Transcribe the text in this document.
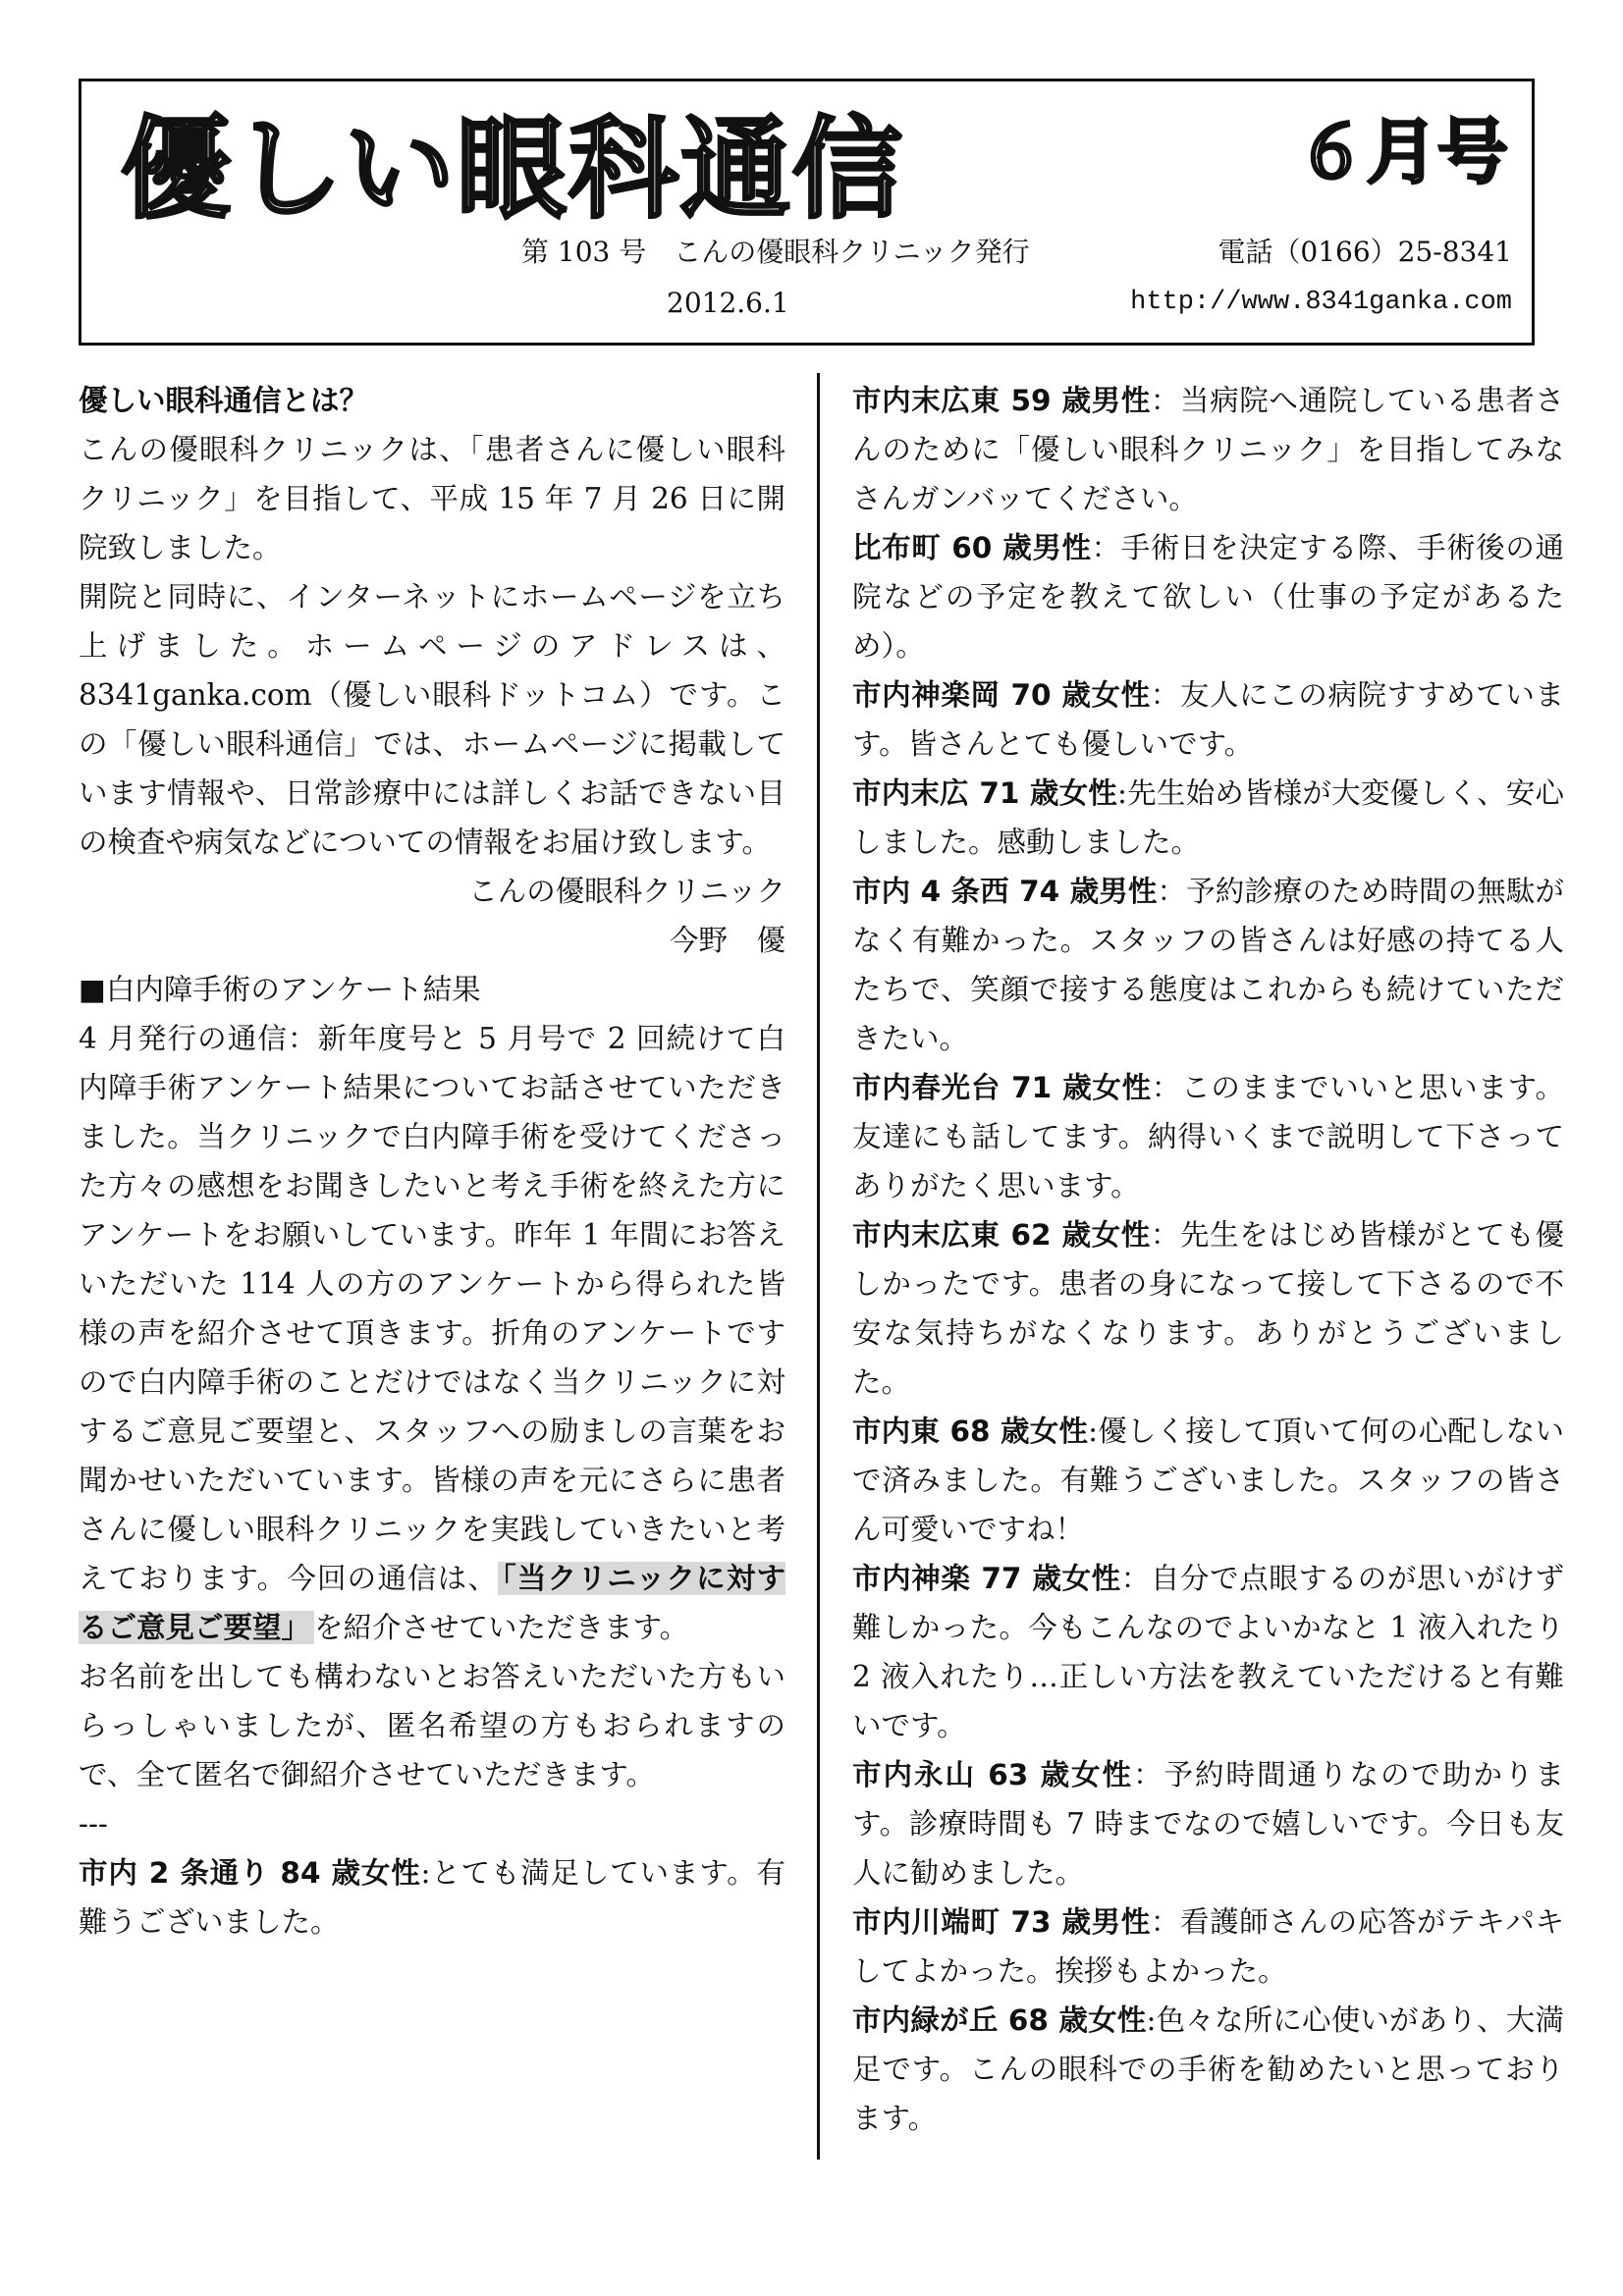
優しい眼科通信	６月号
第 103 号　こんの優眼科クリニック発行	電話（0166）25-8341
2012.6.1	http://www.8341ganka.com

優しい眼科通信とは？

こんの優眼科クリニックは、「患者さんに優しい眼科クリニック」を目指して、平成 15 年 7 月 26 日に開院致しました。

開院と同時に、インターネットにホームページを立ち上げました。ホームページのアドレスは、8341ganka.com（優しい眼科ドットコム）です。この「優しい眼科通信」では、ホームページに掲載しています情報や、日常診療中には詳しくお話できない目の検査や病気などについての情報をお届け致します。

こんの優眼科クリニック

今野　優

■白内障手術のアンケート結果

4 月発行の通信：新年度号と 5 月号で 2 回続けて白内障手術アンケート結果についてお話させていただきました。当クリニックで白内障手術を受けてくださった方々の感想をお聞きしたいと考え手術を終えた方にアンケートをお願いしています。昨年 1 年間にお答えいただいた 114 人の方のアンケートから得られた皆様の声を紹介させて頂きます。折角のアンケートですので白内障手術のことだけではなく当クリニックに対するご意見ご要望と、スタッフへの励ましの言葉をお聞かせいただいています。皆様の声を元にさらに患者さんに優しい眼科クリニックを実践していきたいと考えております。今回の通信は、 「当クリニックに対するご意見ご要望」 を紹介させていただきます。

お名前を出しても構わないとお答えいただいた方もいらっしゃいましたが、匿名希望の方もおられますので、全て匿名で御紹介させていただきます。

---

市内 2 条通り 84 歳女性:とても満足しています。有難うございました。

市内末広東 59 歳男性：当病院へ通院している患者さんのために「優しい眼科クリニック」を目指してみなさんガンバッてください。

比布町 60 歳男性：手術日を決定する際、手術後の通院などの予定を教えて欲しい（仕事の予定があるため）。

市内神楽岡 70 歳女性：友人にこの病院すすめています。皆さんとても優しいです。

市内末広 71 歳女性:先生始め皆様が大変優しく、安心しました。感動しました。

市内 4 条西 74 歳男性：予約診療のため時間の無駄がなく有難かった。スタッフの皆さんは好感の持てる人たちで、笑顔で接する態度はこれからも続けていただきたい。

市内春光台 71 歳女性：このままでいいと思います。友達にも話してます。納得いくまで説明して下さってありがたく思います。

市内末広東 62 歳女性：先生をはじめ皆様がとても優しかったです。患者の身になって接して下さるので不安な気持ちがなくなります。ありがとうございました。

市内東 68 歳女性:優しく接して頂いて何の心配しないで済みました。有難うございました。スタッフの皆さん可愛いですね！

市内神楽 77 歳女性：自分で点眼するのが思いがけず難しかった。今もこんなのでよいかなと 1 液入れたり 2 液入れたり…正しい方法を教えていただけると有難いです。

市内永山 63 歳女性：予約時間通りなので助かります。診療時間も 7 時までなので嬉しいです。今日も友人に勧めました。

市内川端町 73 歳男性：看護師さんの応答がテキパキしてよかった。挨拶もよかった。

市内緑が丘 68 歳女性:色々な所に心使いがあり、大満足です。こんの眼科での手術を勧めたいと思っております。
